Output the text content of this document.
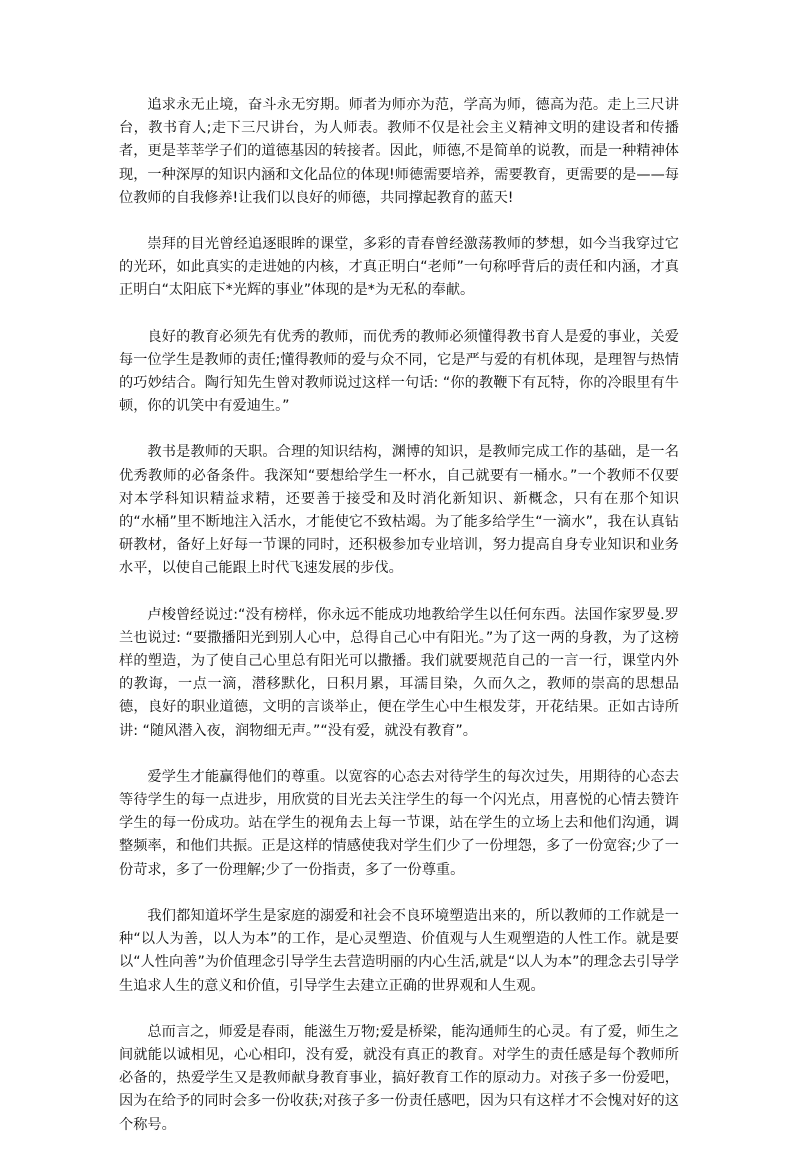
追求永无止境，奋斗永无穷期。师者为师亦为范，学高为师，德高为范。走上三尺讲台，教书育人;走下三尺讲台，为人师表。教师不仅是社会主义精神文明的建设者和传播者，更是莘莘学子们的道德基因的转接者。因此，师德,不是简单的说教，而是一种精神体现，一种深厚的知识内涵和文化品位的体现!师德需要培养，需要教育，更需要的是——每位教师的自我修养!让我们以良好的师德，共同撑起教育的蓝天!

崇拜的目光曾经追逐眼眸的课堂，多彩的青春曾经激荡教师的梦想，如今当我穿过它的光环，如此真实的走进她的内核，才真正明白“老师”一句称呼背后的责任和内涵，才真正明白“太阳底下*光辉的事业”体现的是*为无私的奉献。

良好的教育必须先有优秀的教师，而优秀的教师必须懂得教书育人是爱的事业，关爱每一位学生是教师的责任;懂得教师的爱与众不同，它是严与爱的有机体现，是理智与热情的巧妙结合。陶行知先生曾对教师说过这样一句话: “你的教鞭下有瓦特，你的冷眼里有牛顿，你的讥笑中有爱迪生。”

教书是教师的天职。合理的知识结构，渊博的知识，是教师完成工作的基础，是一名优秀教师的必备条件。我深知“要想给学生一杯水，自己就要有一桶水。”一个教师不仅要对本学科知识精益求精，还要善于接受和及时消化新知识、新概念，只有在那个知识的“水桶”里不断地注入活水，才能使它不致枯竭。为了能多给学生“一滴水”，我在认真钻研教材，备好上好每一节课的同时，还积极参加专业培训，努力提高自身专业知识和业务水平，以使自己能跟上时代飞速发展的步伐。

卢梭曾经说过:“没有榜样，你永远不能成功地教给学生以任何东西。法国作家罗曼.罗兰也说过: “要撒播阳光到别人心中，总得自己心中有阳光。”为了这一两的身教，为了这榜样的塑造，为了使自己心里总有阳光可以撒播。我们就要规范自己的一言一行，课堂内外的教诲，一点一滴，潜移默化，日积月累，耳濡目染，久而久之，教师的崇高的思想品德，良好的职业道德，文明的言谈举止，便在学生心中生根发芽，开花结果。正如古诗所讲: “随风潜入夜，润物细无声。”“没有爱，就没有教育”。

爱学生才能赢得他们的尊重。以宽容的心态去对待学生的每次过失，用期待的心态去等待学生的每一点进步，用欣赏的目光去关注学生的每一个闪光点，用喜悦的心情去赞许学生的每一份成功。站在学生的视角去上每一节课，站在学生的立场上去和他们沟通，调整频率，和他们共振。正是这样的情感使我对学生们少了一份埋怨，多了一份宽容;少了一份苛求，多了一份理解;少了一份指责，多了一份尊重。

我们都知道坏学生是家庭的溺爱和社会不良环境塑造出来的，所以教师的工作就是一种“以人为善，以人为本”的工作，是心灵塑造、价值观与人生观塑造的人性工作。就是要以“人性向善”为价值理念引导学生去营造明丽的内心生活,就是“以人为本”的理念去引导学生追求人生的意义和价值，引导学生去建立正确的世界观和人生观。

总而言之，师爱是春雨，能滋生万物;爱是桥梁，能沟通师生的心灵。有了爱，师生之间就能以诚相见，心心相印，没有爱，就没有真正的教育。对学生的责任感是每个教师所必备的，热爱学生又是教师献身教育事业，搞好教育工作的原动力。对孩子多一份爱吧，因为在给予的同时会多一份收获;对孩子多一份责任感吧，因为只有这样才不会愧对好的这个称号。
